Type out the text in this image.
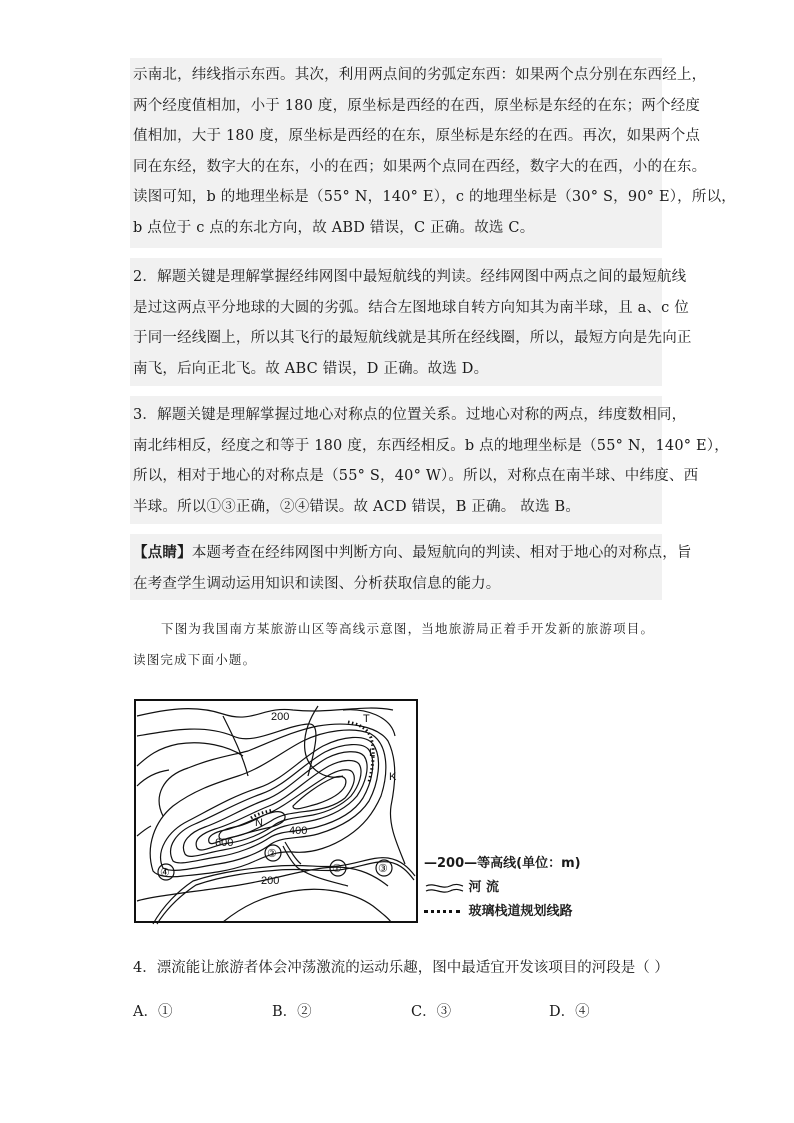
示南北，纬线指示东西。其次，利用两点间的劣弧定东西：如果两个点分别在东西经上，

两个经度值相加，小于 180 度，原坐标是西经的在西，原坐标是东经的在东；两个经度

值相加，大于 180 度，原坐标是西经的在东，原坐标是东经的在西。再次，如果两个点

同在东经，数字大的在东，小的在西；如果两个点同在西经，数字大的在西，小的在东。

读图可知，b 的地理坐标是（55° N，140° E），c 的地理坐标是（30° S，90° E），所以，

b 点位于 c 点的东北方向，故 ABD 错误，C 正确。故选 C。

2．解题关键是理解掌握经纬网图中最短航线的判读。经纬网图中两点之间的最短航线

是过这两点平分地球的大圆的劣弧。结合左图地球自转方向知其为南半球，且 a、c 位

于同一经线圈上，所以其飞行的最短航线就是其所在经线圈，所以，最短方向是先向正

南飞，后向正北飞。故 ABC 错误，D 正确。故选 D。

3．解题关键是理解掌握过地心对称点的位置关系。过地心对称的两点，纬度数相同，

南北纬相反，经度之和等于 180 度，东西经相反。b 点的地理坐标是（55° N，140° E），

所以，相对于地心的对称点是（55° S，40° W）。所以，对称点在南半球、中纬度、西

半球。所以①③正确，②④错误。故 ACD 错误，B 正确。 故选 B。

【点睛】本题考查在经纬网图中判断方向、最短航向的判读、相对于地心的对称点，旨

在考查学生调动运用知识和读图、分析获取信息的能力。

下图为我国南方某旅游山区等高线示意图，当地旅游局正着手开发新的旅游项目。

读图完成下面小题。

200
400
600
200
T
L
K
N
①
②
③
④
—200—等高线(单位：m)
河 流
玻璃栈道规划线路
4．漂流能让旅游者体会冲荡激流的运动乐趣，图中最适宜开发该项目的河段是（ ）
A．①	B．②	C．③	D．④
